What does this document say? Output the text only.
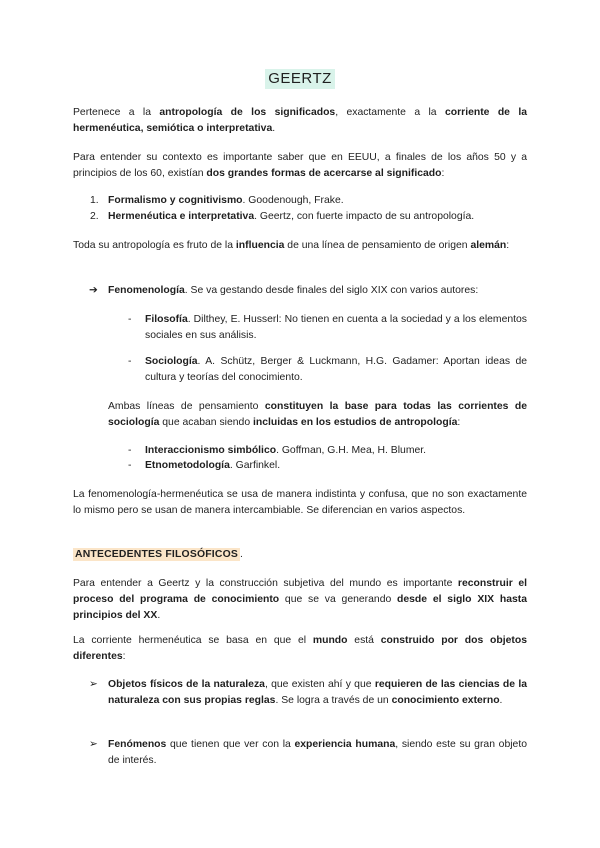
GEERTZ

Pertenece a la antropología de los significados, exactamente a la corriente de la hermenéutica, semiótica o interpretativa.

Para entender su contexto es importante saber que en EEUU, a finales de los años 50 y a principios de los 60, existían dos grandes formas de acercarse al significado:

1. Formalismo y cognitivismo. Goodenough, Frake.

2. Hermenéutica e interpretativa. Geertz, con fuerte impacto de su antropología.

Toda su antropología es fruto de la influencia de una línea de pensamiento de origen alemán:

➔ Fenomenología. Se va gestando desde finales del siglo XIX con varios autores:

- Filosofía. Dilthey, E. Husserl: No tienen en cuenta a la sociedad y a los elementos sociales en sus análisis.

- Sociología. A. Schütz, Berger & Luckmann, H.G. Gadamer: Aportan ideas de cultura y teorías del conocimiento.

Ambas líneas de pensamiento constituyen la base para todas las corrientes de sociología que acaban siendo incluidas en los estudios de antropología:

- Interaccionismo simbólico. Goffman, G.H. Mea, H. Blumer.

- Etnometodología. Garfinkel.

La fenomenología-hermenéutica se usa de manera indistinta y confusa, que no son exactamente lo mismo pero se usan de manera intercambiable. Se diferencian en varios aspectos.

ANTECEDENTES FILOSÓFICOS .

Para entender a Geertz y la construcción subjetiva del mundo es importante reconstruir el proceso del programa de conocimiento que se va generando desde el siglo XIX hasta principios del XX.

La corriente hermenéutica se basa en que el mundo está construido por dos objetos diferentes:

➢ Objetos físicos de la naturaleza, que existen ahí y que requieren de las ciencias de la naturaleza con sus propias reglas. Se logra a través de un conocimiento externo.

➢ Fenómenos que tienen que ver con la experiencia humana, siendo este su gran objeto de interés.
